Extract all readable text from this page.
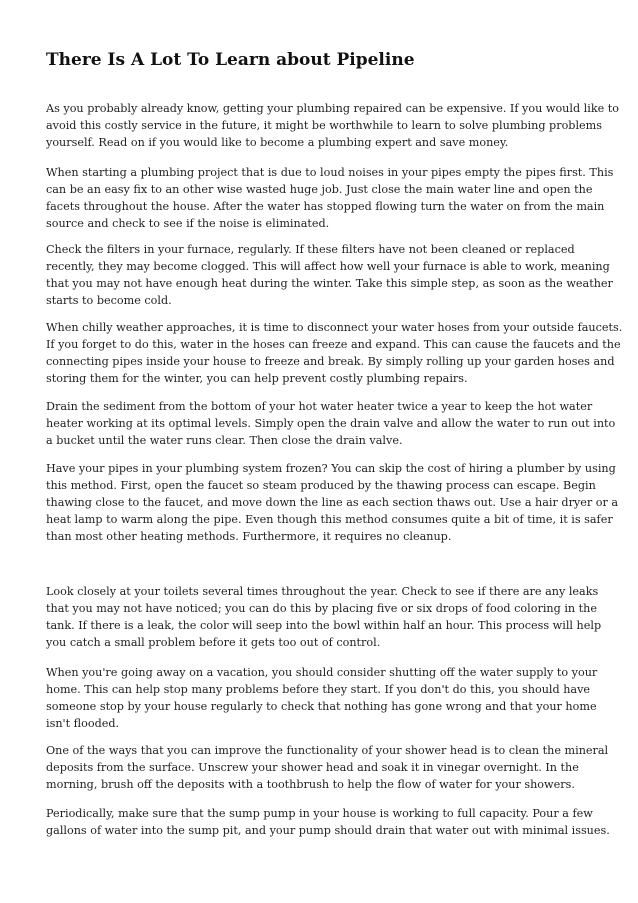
There Is A Lot To Learn about Pipeline

As you probably already know, getting your plumbing repaired can be expensive. If you would like to
avoid this costly service in the future, it might be worthwhile to learn to solve plumbing problems
yourself. Read on if you would like to become a plumbing expert and save money.

When starting a plumbing project that is due to loud noises in your pipes empty the pipes first. This
can be an easy fix to an other wise wasted huge job. Just close the main water line and open the
facets throughout the house. After the water has stopped flowing turn the water on from the main
source and check to see if the noise is eliminated.

Check the filters in your furnace, regularly. If these filters have not been cleaned or replaced
recently, they may become clogged. This will affect how well your furnace is able to work, meaning
that you may not have enough heat during the winter. Take this simple step, as soon as the weather
starts to become cold.

When chilly weather approaches, it is time to disconnect your water hoses from your outside faucets.
If you forget to do this, water in the hoses can freeze and expand. This can cause the faucets and the
connecting pipes inside your house to freeze and break. By simply rolling up your garden hoses and
storing them for the winter, you can help prevent costly plumbing repairs.

Drain the sediment from the bottom of your hot water heater twice a year to keep the hot water
heater working at its optimal levels. Simply open the drain valve and allow the water to run out into
a bucket until the water runs clear. Then close the drain valve.

Have your pipes in your plumbing system frozen? You can skip the cost of hiring a plumber by using
this method. First, open the faucet so steam produced by the thawing process can escape. Begin
thawing close to the faucet, and move down the line as each section thaws out. Use a hair dryer or a
heat lamp to warm along the pipe. Even though this method consumes quite a bit of time, it is safer
than most other heating methods. Furthermore, it requires no cleanup.

Look closely at your toilets several times throughout the year. Check to see if there are any leaks
that you may not have noticed; you can do this by placing five or six drops of food coloring in the
tank. If there is a leak, the color will seep into the bowl within half an hour. This process will help
you catch a small problem before it gets too out of control.

When you're going away on a vacation, you should consider shutting off the water supply to your
home. This can help stop many problems before they start. If you don't do this, you should have
someone stop by your house regularly to check that nothing has gone wrong and that your home
isn't flooded.

One of the ways that you can improve the functionality of your shower head is to clean the mineral
deposits from the surface. Unscrew your shower head and soak it in vinegar overnight. In the
morning, brush off the deposits with a toothbrush to help the flow of water for your showers.

Periodically, make sure that the sump pump in your house is working to full capacity. Pour a few
gallons of water into the sump pit, and your pump should drain that water out with minimal issues.
